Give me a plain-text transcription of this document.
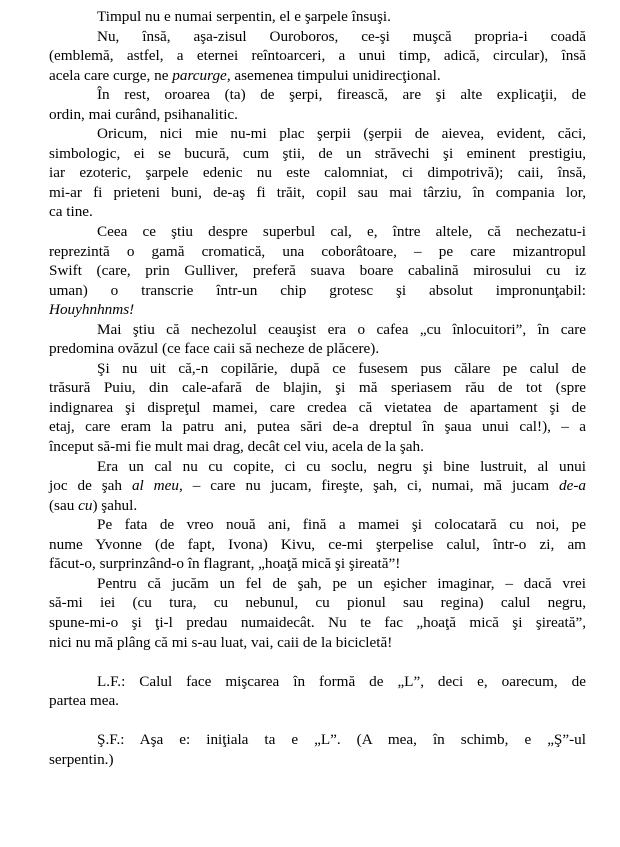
Timpul nu e numai serpentin, el e şarpele însuşi.
Nu, însă, aşa-zisul Ouroboros, ce-şi muşcă propria-i coadă
(emblemă, astfel, a eternei reîntoarceri, a unui timp, adică, circular), însă
acela care curge, ne parcurge, asemenea timpului unidirecţional.
În rest, oroarea (ta) de şerpi, firească, are şi alte explicaţii, de
ordin, mai curând, psihanalitic.
Oricum, nici mie nu-mi plac şerpii (şerpii de aievea, evident, căci,
simbologic, ei se bucură, cum ştii, de un străvechi şi eminent prestigiu,
iar ezoteric, şarpele edenic nu este calomniat, ci dimpotrivă); caii, însă,
mi-ar fi prieteni buni, de-aş fi trăit, copil sau mai târziu, în compania lor,
ca tine.
Ceea ce ştiu despre superbul cal, e, între altele, că nechezatu-i
reprezintă o gamă cromatică, una coborâtoare, – pe care mizantropul
Swift (care, prin Gulliver, preferă suava boare cabalină mirosului cu iz
uman) o transcrie într-un chip grotesc şi absolut impronunţabil:
Houyhnhnms!
Mai ştiu că nechezolul ceauşist era o cafea „cu înlocuitori”, în care
predomina ovăzul (ce face caii să necheze de plăcere).
Şi nu uit că,-n copilărie, după ce fusesem pus călare pe calul de
trăsură Puiu, din cale-afară de blajin, şi mă speriasem rău de tot (spre
indignarea şi dispreţul mamei, care credea că vietatea de apartament şi de
etaj, care eram la patru ani, putea sări de-a dreptul în şaua unui cal!), – a
început să-mi fie mult mai drag, decât cel viu, acela de la şah.
Era un cal nu cu copite, ci cu soclu, negru şi bine lustruit, al unui
joc de şah al meu, – care nu jucam, fireşte, şah, ci, numai, mă jucam de-a
(sau cu) şahul.
Pe fata de vreo nouă ani, fină a mamei şi colocatară cu noi, pe
nume Yvonne (de fapt, Ivona) Kivu, ce-mi şterpelise calul, într-o zi, am
făcut-o, surprinzând-o în flagrant, „hoaţă mică şi şireată”!
Pentru că jucăm un fel de şah, pe un eşicher imaginar, – dacă vrei
să-mi iei (cu tura, cu nebunul, cu pionul sau regina) calul negru,
spune-mi-o şi ţi-l predau numaidecât. Nu te fac „hoaţă mică şi şireată”,
nici nu mă plâng că mi s-au luat, vai, caii de la bicicletă!
L.F.: Calul face mişcarea în formă de „L”, deci e, oarecum, de
partea mea.
Ş.F.: Aşa e: iniţiala ta e „L”. (A mea, în schimb, e „Ş”-ul
serpentin.)
